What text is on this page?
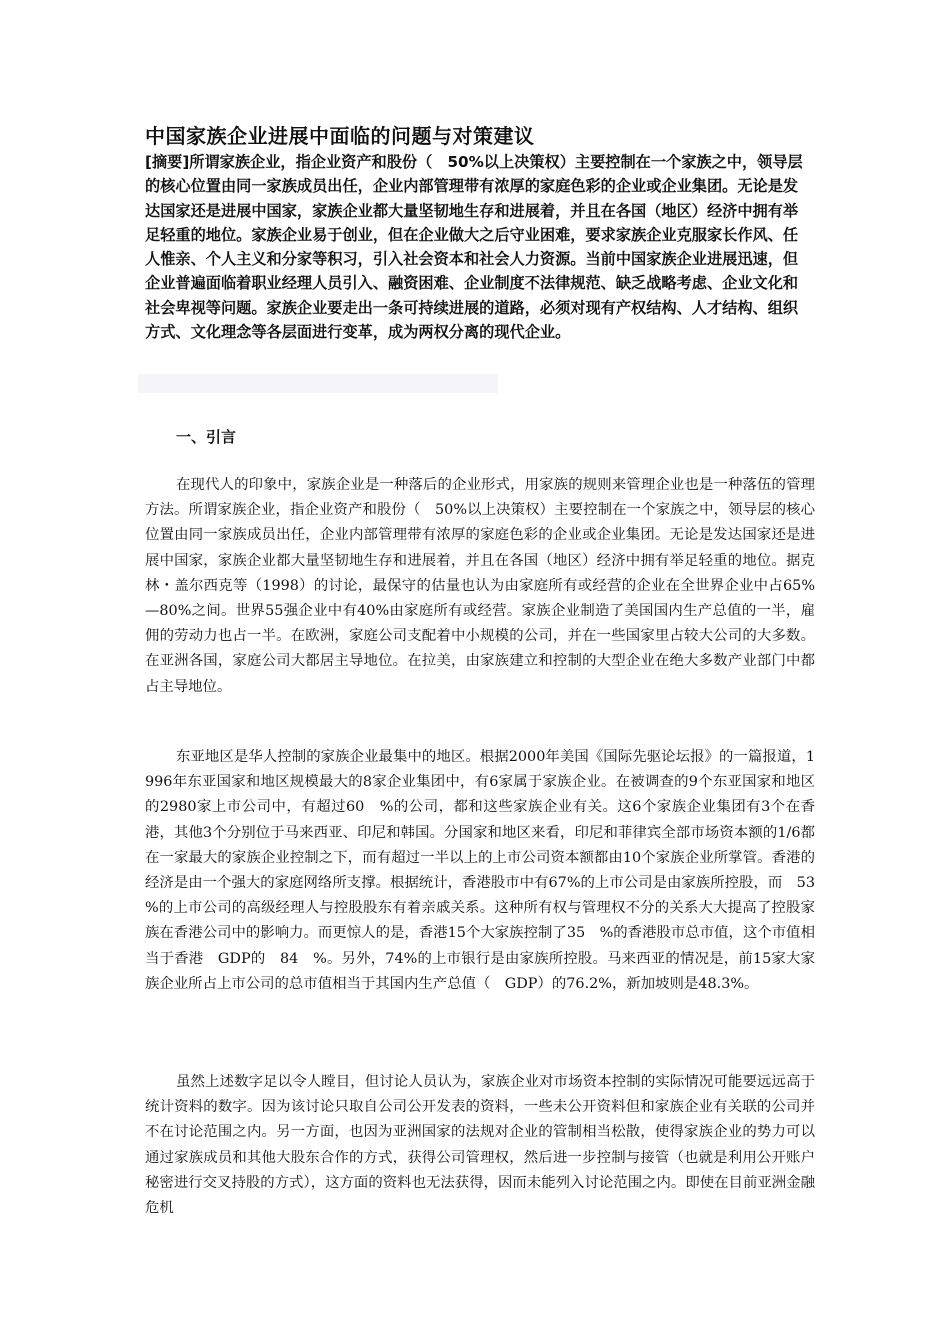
中国家族企业进展中面临的问题与对策建议

[摘要]所谓家族企业，指企业资产和股份（　50%以上决策权）主要控制在一个家族之中，领导层的核心位置由同一家族成员出任，企业内部管理带有浓厚的家庭色彩的企业或企业集团。无论是发达国家还是进展中国家，家族企业都大量坚韧地生存和进展着，并且在各国（地区）经济中拥有举足轻重的地位。家族企业易于创业，但在企业做大之后守业困难，要求家族企业克服家长作风、任人惟亲、个人主义和分家等积习，引入社会资本和社会人力资源。当前中国家族企业进展迅速，但企业普遍面临着职业经理人员引入、融资困难、企业制度不法律规范、缺乏战略考虑、企业文化和社会卑视等问题。家族企业要走出一条可持续进展的道路，必须对现有产权结构、人才结构、组织方式、文化理念等各层面进行变革，成为两权分离的现代企业。

一、引言

在现代人的印象中，家族企业是一种落后的企业形式，用家族的规则来管理企业也是一种落伍的管理方法。所谓家族企业，指企业资产和股份（　50%以上决策权）主要控制在一个家族之中，领导层的核心位置由同一家族成员出任，企业内部管理带有浓厚的家庭色彩的企业或企业集团。无论是发达国家还是进展中国家，家族企业都大量坚韧地生存和进展着，并且在各国（地区）经济中拥有举足轻重的地位。据克林・盖尔西克等（1998）的讨论，最保守的估量也认为由家庭所有或经营的企业在全世界企业中占65%—80%之间。世界55强企业中有40%由家庭所有或经营。家族企业制造了美国国内生产总值的一半，雇佣的劳动力也占一半。在欧洲，家庭公司支配着中小规模的公司，并在一些国家里占较大公司的大多数。在亚洲各国，家庭公司大都居主导地位。在拉美，由家族建立和控制的大型企业在绝大多数产业部门中都占主导地位。

东亚地区是华人控制的家族企业最集中的地区。根据2000年美国《国际先驱论坛报》的一篇报道，1996年东亚国家和地区规模最大的8家企业集团中，有6家属于家族企业。在被调查的9个东亚国家和地区的2980家上市公司中，有超过60　%的公司，都和这些家族企业有关。这6个家族企业集团有3个在香港，其他3个分别位于马来西亚、印尼和韩国。分国家和地区来看，印尼和菲律宾全部市场资本额的1/6都在一家最大的家族企业控制之下，而有超过一半以上的上市公司资本额都由10个家族企业所掌管。香港的经济是由一个强大的家庭网络所支撑。根据统计，香港股市中有67%的上市公司是由家族所控股，而　53　%的上市公司的高级经理人与控股股东有着亲戚关系。这种所有权与管理权不分的关系大大提高了控股家族在香港公司中的影响力。而更惊人的是，香港15个大家族控制了35　%的香港股市总市值，这个市值相当于香港　GDP的　84　%。另外，74%的上市银行是由家族所控股。马来西亚的情况是，前15家大家族企业所占上市公司的总市值相当于其国内生产总值（　GDP）的76.2%，新加坡则是48.3%。

虽然上述数字足以令人瞠目，但讨论人员认为，家族企业对市场资本控制的实际情况可能要远远高于统计资料的数字。因为该讨论只取自公司公开发表的资料，一些未公开资料但和家族企业有关联的公司并不在讨论范围之内。另一方面，也因为亚洲国家的法规对企业的管制相当松散，使得家族企业的势力可以通过家族成员和其他大股东合作的方式，获得公司管理权，然后进一步控制与接管（也就是利用公开账户秘密进行交叉持股的方式），这方面的资料也无法获得，因而未能列入讨论范围之内。即使在目前亚洲金融危机
